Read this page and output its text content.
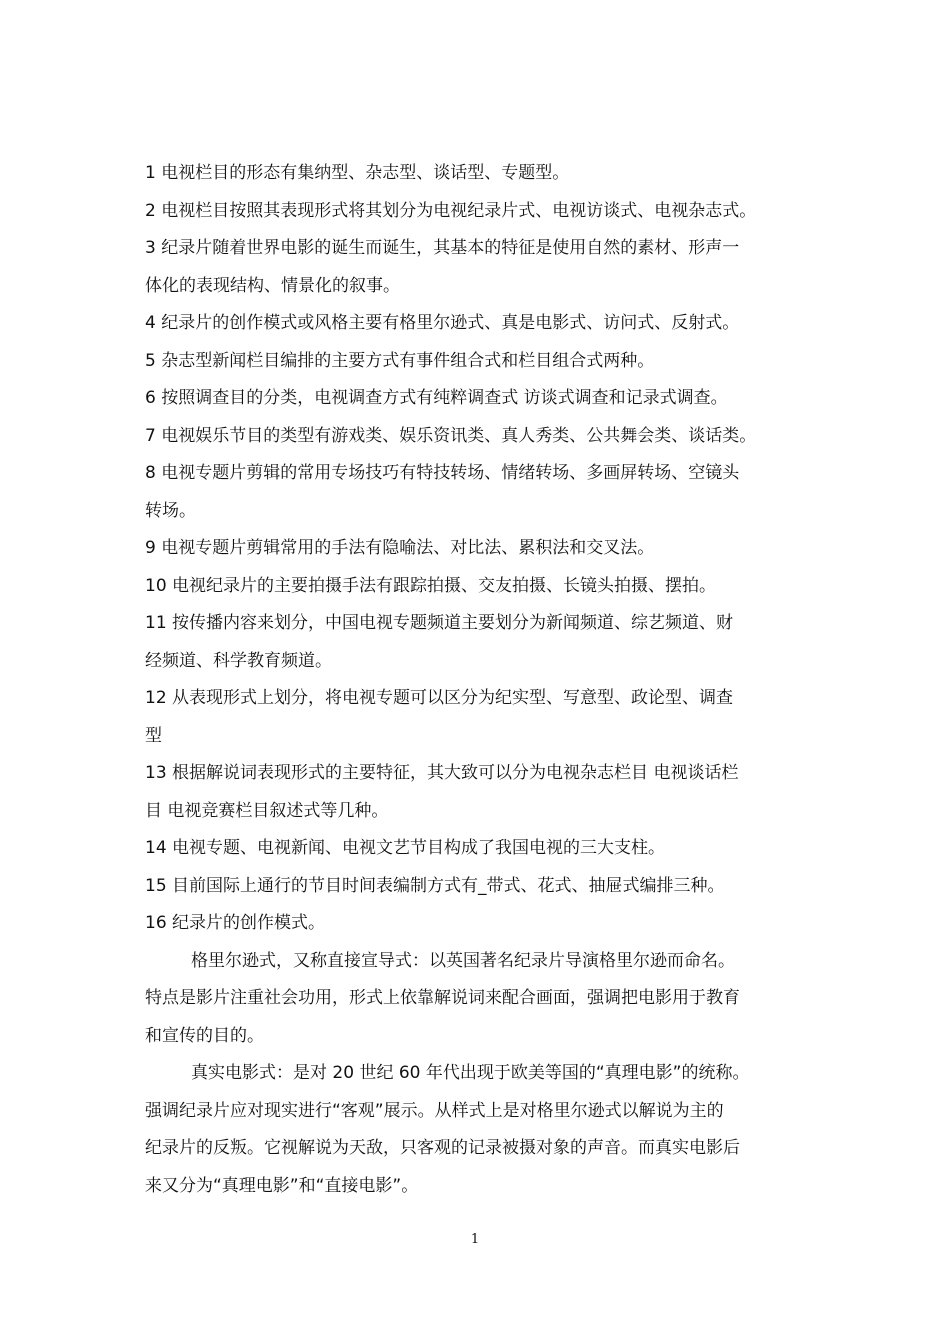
1 电视栏目的形态有集纳型、杂志型、谈话型、专题型。
2 电视栏目按照其表现形式将其划分为电视纪录片式、电视访谈式、电视杂志式。
3 纪录片随着世界电影的诞生而诞生，其基本的特征是使用自然的素材、形声一
体化的表现结构、情景化的叙事。
4 纪录片的创作模式或风格主要有格里尔逊式、真是电影式、访问式、反射式。
5 杂志型新闻栏目编排的主要方式有事件组合式和栏目组合式两种。
6 按照调查目的分类，电视调查方式有纯粹调查式 访谈式调查和记录式调查。
7 电视娱乐节目的类型有游戏类、娱乐资讯类、真人秀类、公共舞会类、谈话类。
8 电视专题片剪辑的常用专场技巧有特技转场、情绪转场、多画屏转场、空镜头
转场。
9 电视专题片剪辑常用的手法有隐喻法、对比法、累积法和交叉法。
10 电视纪录片的主要拍摄手法有跟踪拍摄、交友拍摄、长镜头拍摄、摆拍。
11 按传播内容来划分，中国电视专题频道主要划分为新闻频道、综艺频道、财
经频道、科学教育频道。
12 从表现形式上划分，将电视专题可以区分为纪实型、写意型、政论型、调查
型
13 根据解说词表现形式的主要特征，其大致可以分为电视杂志栏目 电视谈话栏
目 电视竞赛栏目叙述式等几种。
14 电视专题、电视新闻、电视文艺节目构成了我国电视的三大支柱。
15 目前国际上通行的节目时间表编制方式有_带式、花式、抽屉式编排三种。
16 纪录片的创作模式。
格里尔逊式，又称直接宣导式：以英国著名纪录片导演格里尔逊而命名。
特点是影片注重社会功用，形式上依靠解说词来配合画面，强调把电影用于教育
和宣传的目的。
真实电影式：是对 20 世纪 60 年代出现于欧美等国的“真理电影”的统称。
强调纪录片应对现实进行“客观”展示。从样式上是对格里尔逊式以解说为主的
纪录片的反叛。它视解说为天敌，只客观的记录被摄对象的声音。而真实电影后
来又分为“真理电影”和“直接电影”。
1
